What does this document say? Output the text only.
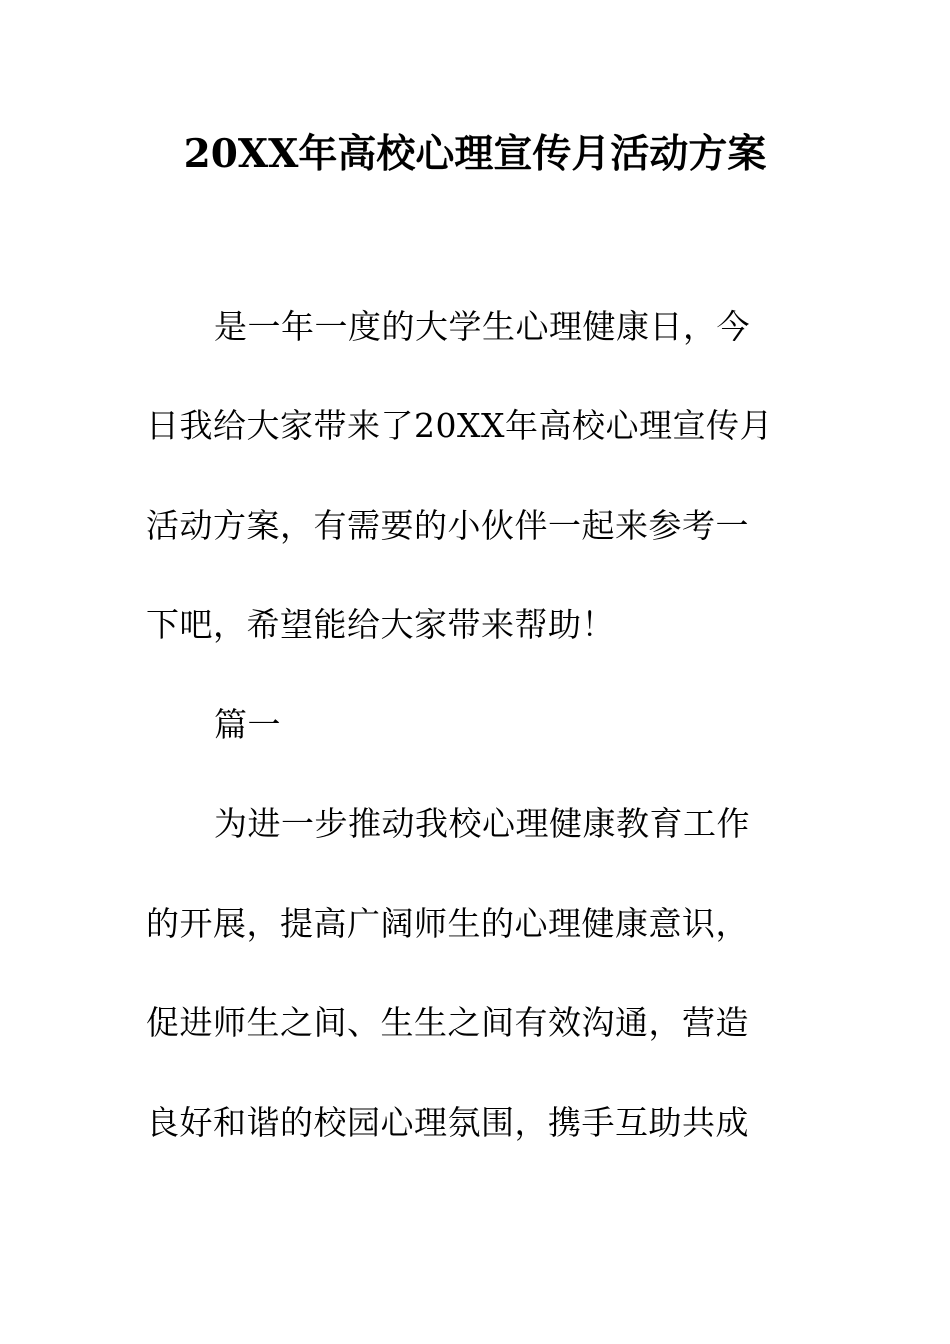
20XX年高校心理宣传月活动方案
是一年一度的大学生心理健康日，今
日我给大家带来了20XX年高校心理宣传月
活动方案，有需要的小伙伴一起来参考一
下吧，希望能给大家带来帮助！
篇一
为进一步推动我校心理健康教育工作
的开展，提高广阔师生的心理健康意识，
促进师生之间、生生之间有效沟通，营造
良好和谐的校园心理氛围，携手互助共成
